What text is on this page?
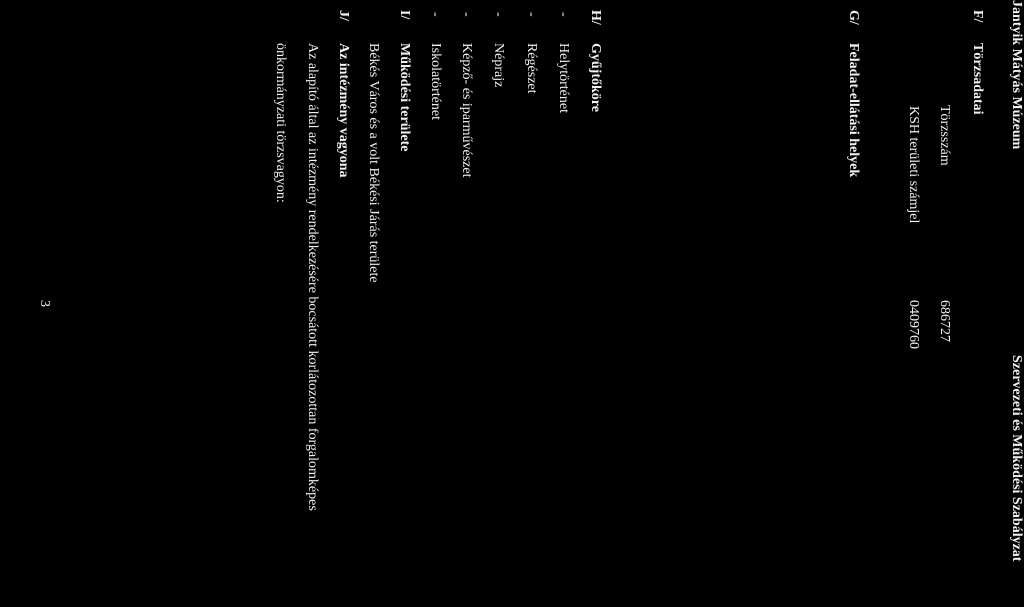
Jantyik Mátyás Múzeum
Szervezeti és Működési Szabályzat
F/
Törzsadatai
Törzsszám
686727
KSH területi számjel
0409760
G/
Feladat-ellátási helyek
H/
Gyűjtőköre
-
Helytörténet
-
Régészet
-
Néprajz
-
Képző- és iparművészet
-
Iskolatörténet
I/
Működési területe
Békés Város és a volt Békési Járás területe
J/
Az intézmény vagyona
Az alapító által az intézmény rendelkezésére bocsátott korlátozottan forgalomképes
önkormányzati törzsvagyon:
3
